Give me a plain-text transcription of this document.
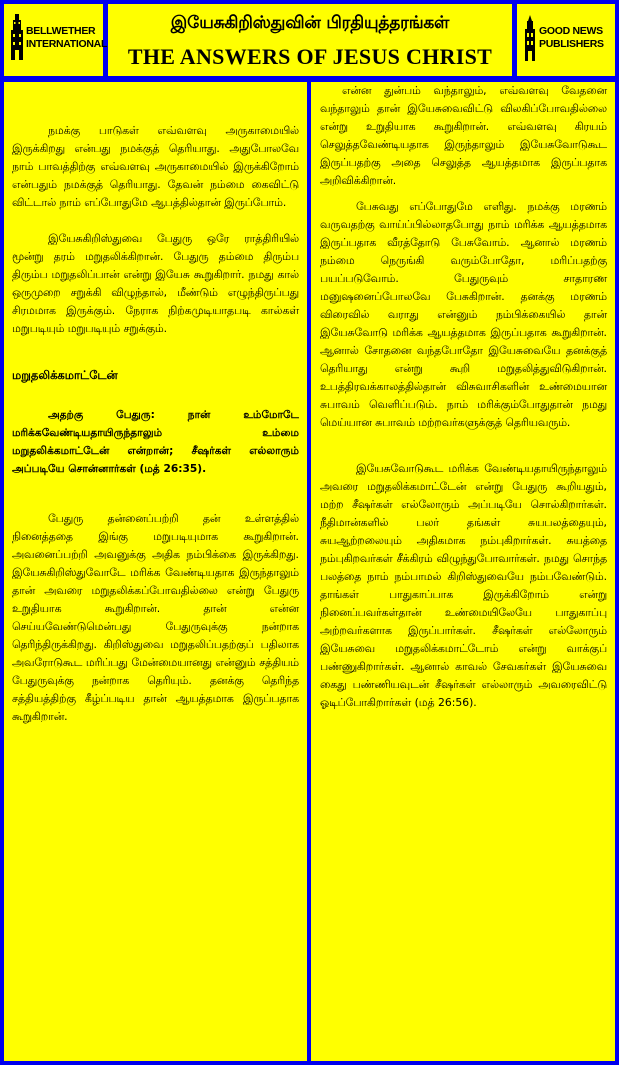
BELLWETHER
INTERNATIONAL
இயேசுகிறிஸ்துவின் பிரதியுத்தரங்கள்
THE ANSWERS OF JESUS CHRIST
GOOD NEWS
PUBLISHERS

நமக்கு பாடுகள் எவ்வளவு அருகாமையில் இருக்கிறது என்பது நமக்குத் தெரியாது. அதுபோலவே நாம் பாவத்திற்கு எவ்வளவு அருகாமையில் இருக்கிறோம் என்பதும் நமக்குத் தெரியாது. தேவன் நம்மை கைவிட்டு விட்டால் நாம் எப்போதுமே ஆபத்தில்தான் இருப்போம்.

இயேசுகிறிஸ்துவை பேதுரு ஒரே ராத்திரியில் மூன்று தரம் மறுதலிக்கிறான். பேதுரு தம்மை திரும்ப திரும்ப மறுதலிப்பான் என்று இயேசு கூறுகிறார். நமது கால் ஒருமுறை சறுக்கி விழுந்தால், மீண்டும் எழுந்திருப்பது சிரமமாக இருக்கும். நேராக நிற்கமுடியாதபடி கால்கள் மறுபடியும் மறுபடியும் சறுக்கும்.

மறுதலிக்கமாட்டேன்

அதற்கு பேதுரு: நான் உம்மோடே மரிக்கவேண்டியதாயிருந்தாலும் உம்மை மறுதலிக்கமாட்டேன் என்றான்; சீஷர்கள் எல்லாரும் அப்படியே சொன்னார்கள் (மத் 26:35).

பேதுரு தன்னைப்பற்றி தன் உள்ளத்தில் நினைத்ததை இங்கு மறுபடியுமாக கூறுகிறான். அவனைப்பற்றி அவனுக்கு அதிக நம்பிக்கை இருக்கிறது. இயேசுகிறிஸ்துவோடே மரிக்க வேண்டியதாக இருந்தாலும் தான் அவரை மறுதலிக்கப்போவதில்லை என்று பேதுரு உறுதியாக கூறுகிறான். தான் என்ன செய்யவேண்டுமென்பது பேதுருவுக்கு நன்றாக தெரிந்திருக்கிறது. கிறிஸ்துவை மறுதலிப்பதற்குப் பதிலாக அவரோடுகூட மரிப்பது மேன்மையானது என்னும் சத்தியம் பேதுருவுக்கு நன்றாக தெரியும். தனக்கு தெரிந்த சத்தியத்திற்கு கீழ்ப்படிய தான் ஆயத்தமாக இருப்பதாக கூறுகிறான்.

என்ன துன்பம் வந்தாலும், எவ்வளவு வேதனை வந்தாலும் தான் இயேசுவைவிட்டு விலகிப்போவதில்லை என்று உறுதியாக கூறுகிறான். எவ்வளவு கிரயம் செலுத்தவேண்டியதாக இருந்தாலும் இயேசுவோடுகூட இருப்பதற்கு அதை செலுத்த ஆயத்தமாக இருப்பதாக அறிவிக்கிறான்.

பேசுவது எப்போதுமே எளிது. நமக்கு மரணம் வருவதற்கு வாய்ப்பில்லாதபோது நாம் மரிக்க ஆயத்தமாக இருப்பதாக வீரத்தோடு பேசுவோம். ஆனால் மரணம் நம்மை நெருங்கி வரும்போதோ, மரிப்பதற்கு பயப்படுவோம். பேதுருவும் சாதாரண மனுஷனைப்போலவே பேசுகிறான். தனக்கு மரணம் விரைவில் வராது என்னும் நம்பிக்கையில் தான் இயேசுவோடு மரிக்க ஆயத்தமாக இருப்பதாக கூறுகிறான். ஆனால் சோதனை வந்தபோதோ இயேசுவையே தனக்குத் தெரியாது என்று கூறி மறுதலித்துவிடுகிறான். உபத்திரவக்காலத்தில்தான் விசுவாசிகளின் உண்மையான சுபாவம் வெளிப்படும். நாம் மரிக்கும்போதுதான் நமது மெய்யான சுபாவம் மற்றவர்களுக்குத் தெரியவரும்.

இயேசுவோடுகூட மரிக்க வேண்டியதாயிருந்தாலும் அவரை மறுதலிக்கமாட்டேன் என்று பேதுரு கூறியதும், மற்ற சீஷர்கள் எல்லோரும் அப்படியே சொல்கிறார்கள். நீதிமான்களில் பலர் தங்கள் சுயபலத்தையும், சுயஆற்றலையும் அதிகமாக நம்புகிறார்கள். சுயத்தை நம்புகிறவர்கள் சீக்கிரம் விழுந்துபோவார்கள். நமது சொந்த பலத்தை நாம் நம்பாமல் கிறிஸ்துவையே நம்பவேண்டும். தாங்கள் பாதுகாப்பாக இருக்கிறோம் என்று நினைப்பவர்கள்தான் உண்மையிலேயே பாதுகாப்பு அற்றவர்களாக இருப்பார்கள். சீஷர்கள் எல்லோரும் இயேசுவை மறுதலிக்கமாட்டோம் என்று வாக்குப் பண்ணுகிறார்கள். ஆனால் காவல் சேவகர்கள் இயேசுவை கைது பண்ணியவுடன் சீஷர்கள் எல்லாரும் அவரைவிட்டு ஓடிப்போகிறார்கள் (மத் 26:56).
